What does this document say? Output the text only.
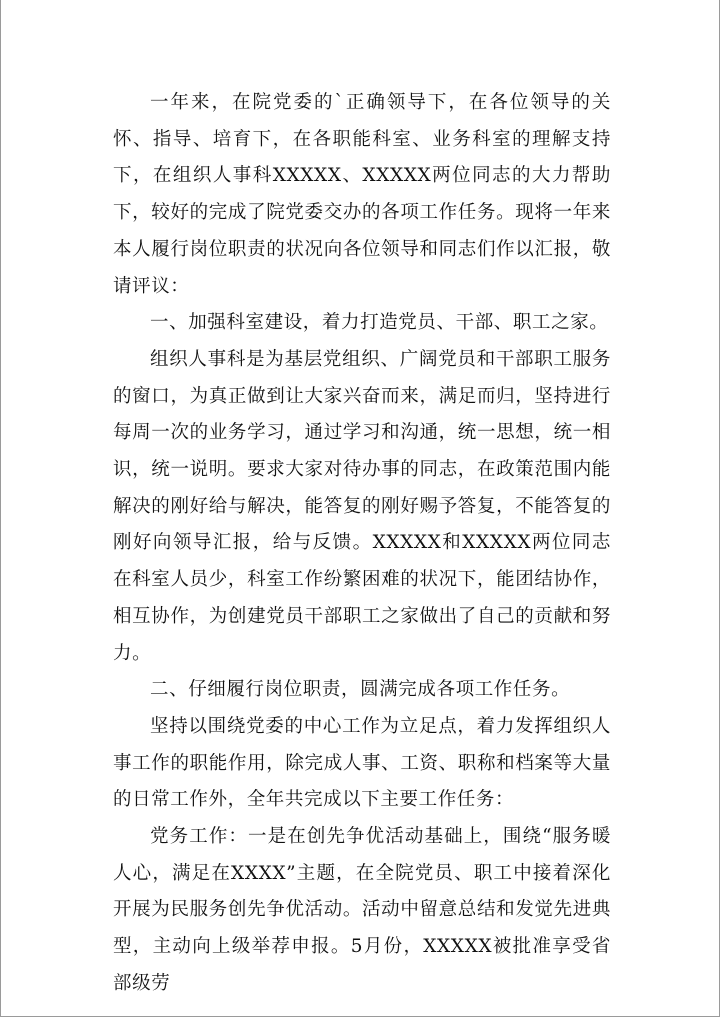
一年来，在院党委的`正确领导下，在各位领导的关怀、指导、培育下，在各职能科室、业务科室的理解支持下，在组织人事科XXXXX、XXXXX两位同志的大力帮助下，较好的完成了院党委交办的各项工作任务。现将一年来本人履行岗位职责的状况向各位领导和同志们作以汇报，敬请评议：

一、加强科室建设，着力打造党员、干部、职工之家。

组织人事科是为基层党组织、广阔党员和干部职工服务的窗口，为真正做到让大家兴奋而来，满足而归，坚持进行每周一次的业务学习，通过学习和沟通，统一思想，统一相识，统一说明。要求大家对待办事的同志，在政策范围内能解决的刚好给与解决，能答复的刚好赐予答复，不能答复的刚好向领导汇报，给与反馈。XXXXX和XXXXX两位同志在科室人员少，科室工作纷繁困难的状况下，能团结协作，相互协作，为创建党员干部职工之家做出了自己的贡献和努力。

二、仔细履行岗位职责，圆满完成各项工作任务。

坚持以围绕党委的中心工作为立足点，着力发挥组织人事工作的职能作用，除完成人事、工资、职称和档案等大量的日常工作外，全年共完成以下主要工作任务：

党务工作：一是在创先争优活动基础上，围绕“服务暖人心，满足在XXXX”主题，在全院党员、职工中接着深化开展为民服务创先争优活动。活动中留意总结和发觉先进典型，主动向上级举荐申报。5月份，XXXXX被批准享受省部级劳
